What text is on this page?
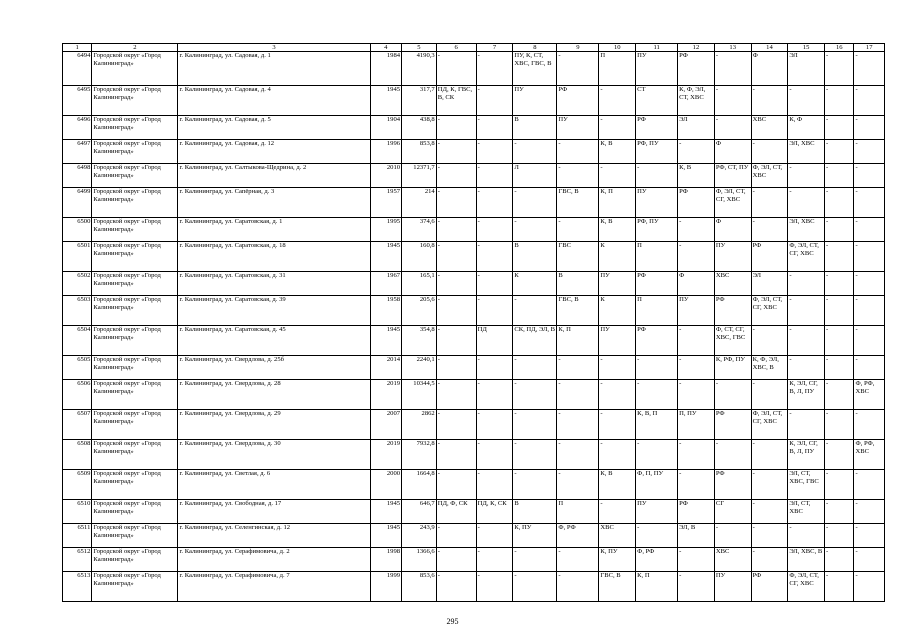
1	2	3	4	5	6	7	8	9	10	11	12	13	14	15	16	17
6494	Городской округ «Город Калининград»	г. Калининград, ул. Садовая, д. 1	1984	4190,3	-	-	ПУ, К, СТ, ХВС, ГВС, В	-	П	ПУ	РФ	-	Ф	ЭЛ	-	-
6495	Городской округ «Город Калининград»	г. Калининград, ул. Садовая, д. 4	1945	317,7	ПД, К, ГВС, В, СК	-	ПУ	РФ	-	СТ	К, Ф, ЭЛ, СТ, ХВС	-	-	-	-	-
6496	Городской округ «Город Калининград»	г. Калининград, ул. Садовая, д. 5	1904	438,8	-	-	В	ПУ	-	РФ	ЭЛ	-	ХВС	К, Ф	-	-
6497	Городской округ «Город Калининград»	г. Калининград, ул. Садовая, д. 12	1996	853,8	-	-	-	-	К, В	РФ, ПУ	-	Ф	-	ЭЛ, ХВС	-	-
6498	Городской округ «Город Калининград»	г. Калининград, ул. Салтыкова-Щедрина, д. 2	2010	12371,7	-	-	Л	-	-	-	К, В	РФ, СТ, ПУ	Ф, ЭЛ, СТ, ХВС	-	-	-
6499	Городской округ «Город Калининград»	г. Калининград, ул. Сапёрная, д. 3	1957	214	-	-	-	ГВС, В	К, П	ПУ	РФ	Ф, ЭЛ, СТ, СГ, ХВС	-	-	-	-
6500	Городской округ «Город Калининград»	г. Калининград, ул. Саратовская, д. 1	1995	374,6	-	-	-	-	К, В	РФ, ПУ	-	Ф	-	ЭЛ, ХВС	-	-
6501	Городской округ «Город Калининград»	г. Калининград, ул. Саратовская, д. 18	1945	160,8	-	-	В	ГВС	К	П	-	ПУ	РФ	Ф, ЭЛ, СТ, СГ, ХВС	-	-
6502	Городской округ «Город Калининград»	г. Калининград, ул. Саратовская, д. 31	1967	165,1	-	-	К	В	ПУ	РФ	Ф	ХВС	ЭЛ	-	-	-
6503	Городской округ «Город Калининград»	г. Калининград, ул. Саратовская, д. 39	1958	205,6	-	-	-	ГВС, В	К	П	ПУ	РФ	Ф, ЭЛ, СТ, СГ, ХВС	-	-	-
6504	Городской округ «Город Калининград»	г. Калининград, ул. Саратовская, д. 45	1945	354,8	-	ПД	СК, ПД, ЭЛ, В	К, П	ПУ	РФ	-	Ф, СТ, СГ, ХВС, ГВС	-	-	-	-
6505	Городской округ «Город Калининград»	г. Калининград, ул. Свердлова, д. 25б	2014	2240,1	-	-	-	-	-	-	-	К, РФ, ПУ	К, Ф, ЭЛ, ХВС, В	-	-	-
6506	Городской округ «Город Калининград»	г. Калининград, ул. Свердлова, д. 28	2019	10344,5	-	-	-	-	-	-	-	-	-	К, ЭЛ, СГ, В, Л, ПУ	-	Ф, РФ, ХВС
6507	Городской округ «Город Калининград»	г. Калининград, ул. Свердлова, д. 29	2007	2862	-	-	-	-	-	К, В, П	П, ПУ	РФ	Ф, ЭЛ, СТ, СГ, ХВС	-	-	-
6508	Городской округ «Город Калининград»	г. Калининград, ул. Свердлова, д. 30	2019	7932,8	-	-	-	-	-	-	-	-	-	К, ЭЛ, СГ, В, Л, ПУ	-	Ф, РФ, ХВС
6509	Городской округ «Город Калининград»	г. Калининград, ул. Светлая, д. 6	2000	1664,8	-	-	-	-	К, В	Ф, П, ПУ	-	РФ	-	ЭЛ, СТ, ХВС, ГВС	-	-
6510	Городской округ «Город Калининград»	г. Калининград, ул. Свободная, д. 17	1945	646,7	ПД, Ф, СК	ПД, К, СК	В	П	-	ПУ	РФ	СГ	-	ЭЛ, СТ, ХВС	-	-
6511	Городской округ «Город Калининград»	г. Калининград, ул. Селенгинская, д. 12	1945	243,9	-	-	К, ПУ	Ф, РФ	ХВС	-	ЭЛ, В	-	-	-	-	-
6512	Городской округ «Город Калининград»	г. Калининград, ул. Серафимовича, д. 2	1998	1366,6	-	-	-	-	К, ПУ	Ф, РФ	-	ХВС	-	ЭЛ, ХВС, В	-	-
6513	Городской округ «Город Калининград»	г. Калининград, ул. Серафимовича, д. 7	1999	853,6	-	-	-	-	ГВС, В	К, П	-	ПУ	РФ	Ф, ЭЛ, СТ, СГ, ХВС	-	-
295
